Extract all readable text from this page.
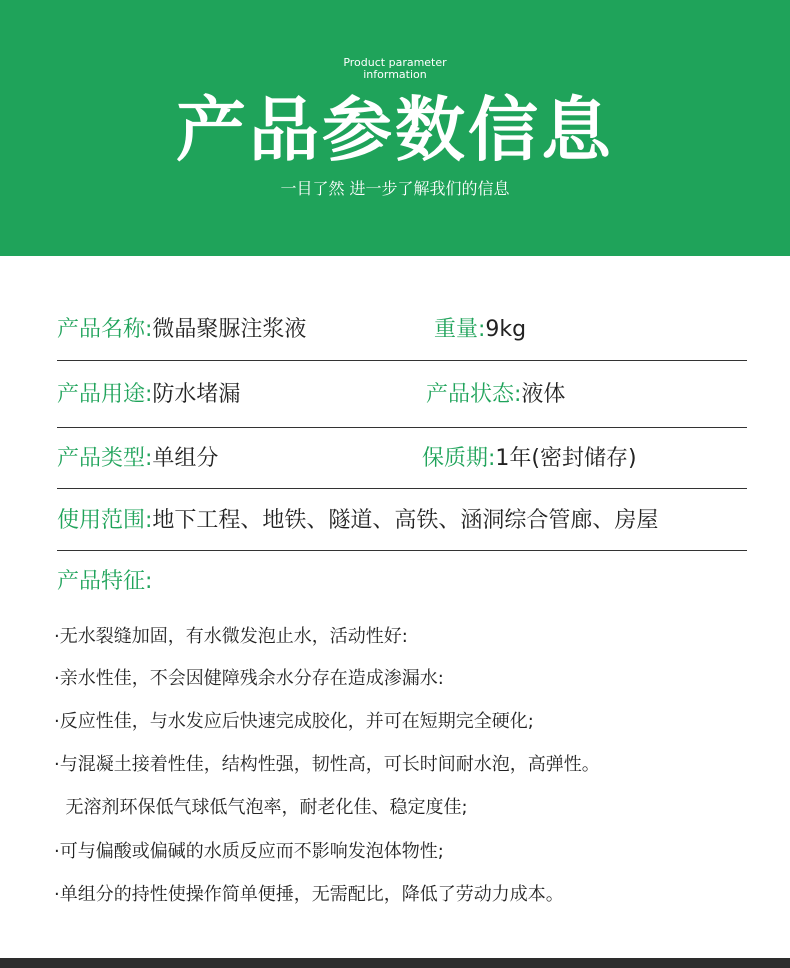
Product parameter
information
产品参数信息
一目了然 进一步了解我们的信息
产品名称:微晶聚脲注浆液	重量:9kg
产品用途:防水堵漏	产品状态:液体
产品类型:单组分	保质期:1年(密封储存)
使用范围:地下工程、地铁、隧道、高铁、涵洞综合管廊、房屋
产品特征:
·无水裂缝加固，有水微发泡止水，活动性好:
·亲水性佳，不会因健障残余水分存在造成渗漏水:
·反应性佳，与水发应后快速完成胶化，并可在短期完全硬化;
·与混凝土接着性佳，结构性强，韧性高，可长时间耐水泡，高弹性。
无溶剂环保低气球低气泡率，耐老化佳、稳定度佳;
·可与偏酸或偏碱的水质反应而不影响发泡体物性;
·单组分的持性使操作简单便捶，无需配比，降低了劳动力成本。
